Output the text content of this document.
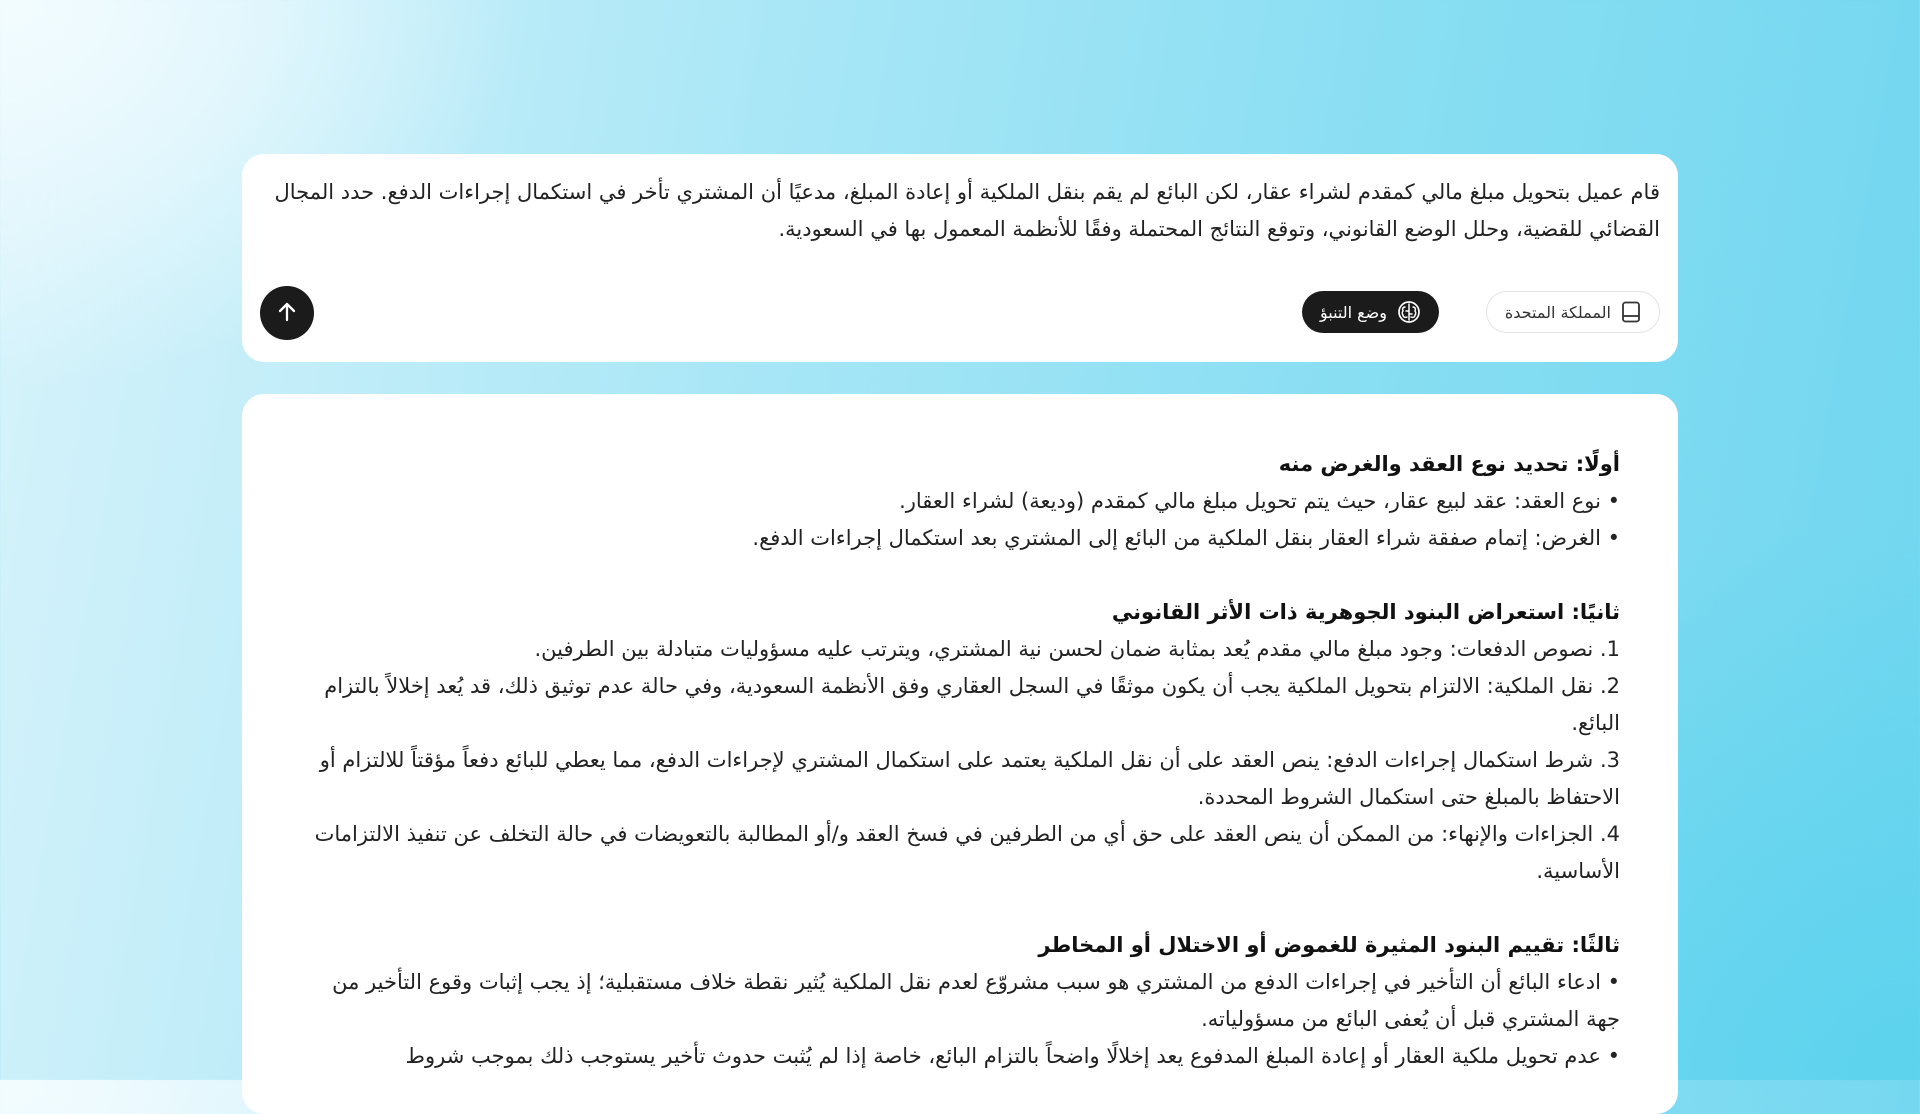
قام عميل بتحويل مبلغ مالي كمقدم لشراء عقار، لكن البائع لم يقم بنقل الملكية أو إعادة المبلغ، مدعيًا أن المشتري تأخر في استكمال إجراءات الدفع. حدد المجال القضائي للقضية، وحلل الوضع القانوني، وتوقع النتائج المحتملة وفقًا للأنظمة المعمول بها في السعودية.

المملكة المتحدة
وضع التنبؤ
أولًا: تحديد نوع العقد والغرض منه
• نوع العقد: عقد لبيع عقار، حيث يتم تحويل مبلغ مالي كمقدم (وديعة) لشراء العقار.
• الغرض: إتمام صفقة شراء العقار بنقل الملكية من البائع إلى المشتري بعد استكمال إجراءات الدفع.
ثانيًا: استعراض البنود الجوهرية ذات الأثر القانوني
1. نصوص الدفعات: وجود مبلغ مالي مقدم يُعد بمثابة ضمان لحسن نية المشتري، ويترتب عليه مسؤوليات متبادلة بين الطرفين.
2. نقل الملكية: الالتزام بتحويل الملكية يجب أن يكون موثقًا في السجل العقاري وفق الأنظمة السعودية، وفي حالة عدم توثيق ذلك، قد يُعد إخلالاً بالتزام البائع.
3. شرط استكمال إجراءات الدفع: ينص العقد على أن نقل الملكية يعتمد على استكمال المشتري لإجراءات الدفع، مما يعطي للبائع دفعاً مؤقتاً للالتزام أو الاحتفاظ بالمبلغ حتى استكمال الشروط المحددة.
4. الجزاءات والإنهاء: من الممكن أن ينص العقد على حق أي من الطرفين في فسخ العقد و/أو المطالبة بالتعويضات في حالة التخلف عن تنفيذ الالتزامات الأساسية.
ثالثًا: تقييم البنود المثيرة للغموض أو الاختلال أو المخاطر
• ادعاء البائع أن التأخير في إجراءات الدفع من المشتري هو سبب مشروّع لعدم نقل الملكية يُثير نقطة خلاف مستقبلية؛ إذ يجب إثبات وقوع التأخير من جهة المشتري قبل أن يُعفى البائع من مسؤولياته.
• عدم تحويل ملكية العقار أو إعادة المبلغ المدفوع يعد إخلالًا واضحاً بالتزام البائع، خاصة إذا لم يُثبت حدوث تأخير يستوجب ذلك بموجب شروط
